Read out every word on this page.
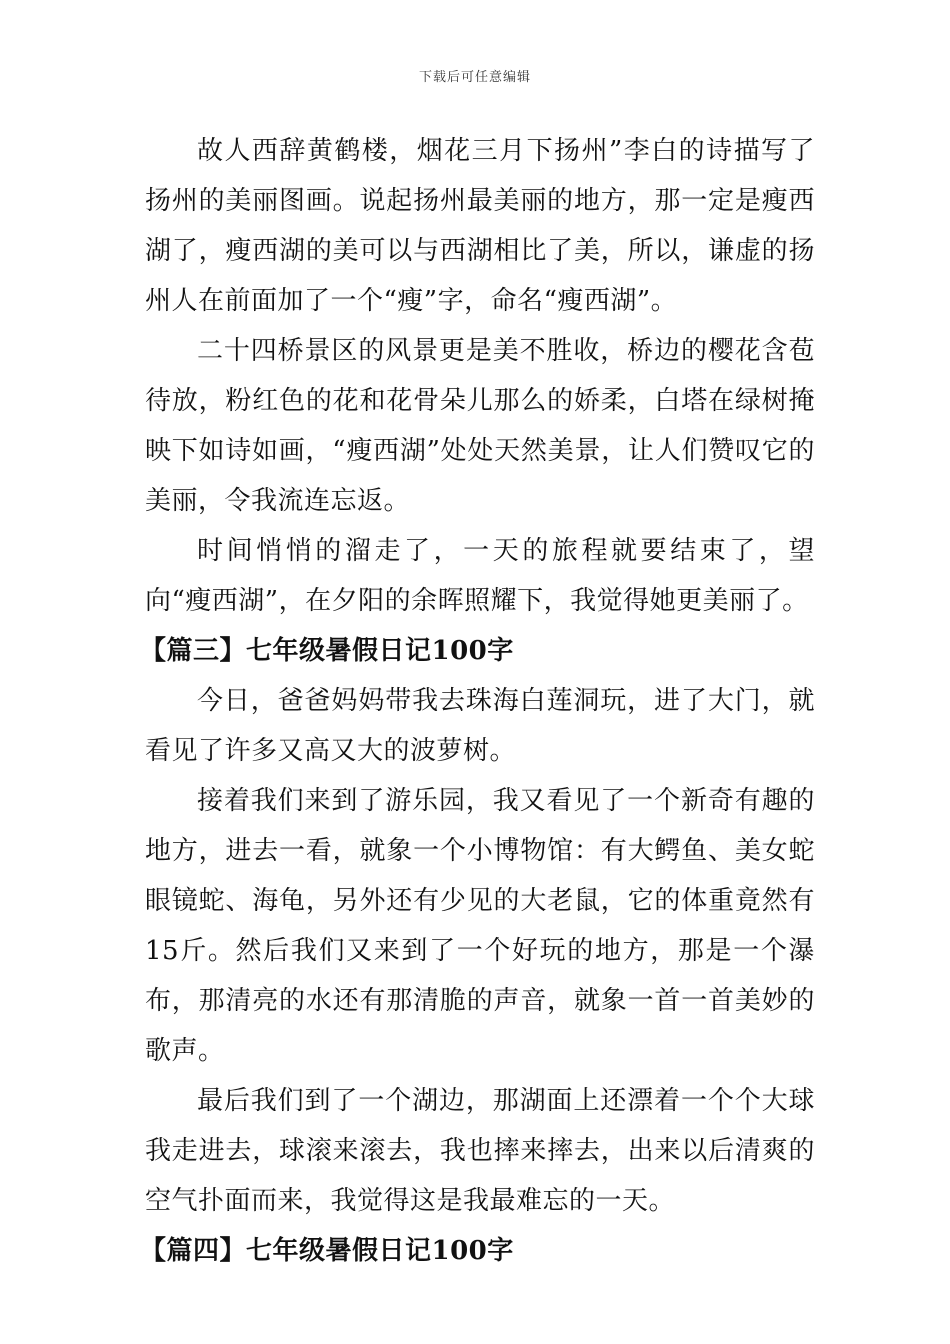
下载后可任意编辑

故人西辞黄鹤楼，烟花三月下扬州”李白的诗描写了扬州的美丽图画。说起扬州最美丽的地方，那一定是瘦西湖了，瘦西湖的美可以与西湖相比了美，所以，谦虚的扬州人在前面加了一个“瘦”字，命名“瘦西湖”。

二十四桥景区的风景更是美不胜收，桥边的樱花含苞待放，粉红色的花和花骨朵儿那么的娇柔，白塔在绿树掩映下如诗如画，“瘦西湖”处处天然美景，让人们赞叹它的美丽，令我流连忘返。

时间悄悄的溜走了，一天的旅程就要结束了，望向“瘦西湖”，在夕阳的余晖照耀下，我觉得她更美丽了。

【篇三】七年级暑假日记100字

今日，爸爸妈妈带我去珠海白莲洞玩，进了大门，就看见了许多又高又大的波萝树。

接着我们来到了游乐园，我又看见了一个新奇有趣的地方，进去一看，就象一个小博物馆：有大鳄鱼、美女蛇眼镜蛇、海龟，另外还有少见的大老鼠，它的体重竟然有15斤。然后我们又来到了一个好玩的地方，那是一个瀑布，那清亮的水还有那清脆的声音，就象一首一首美妙的歌声。

最后我们到了一个湖边，那湖面上还漂着一个个大球我走进去，球滚来滚去，我也摔来摔去，出来以后清爽的空气扑面而来，我觉得这是我最难忘的一天。

【篇四】七年级暑假日记100字
